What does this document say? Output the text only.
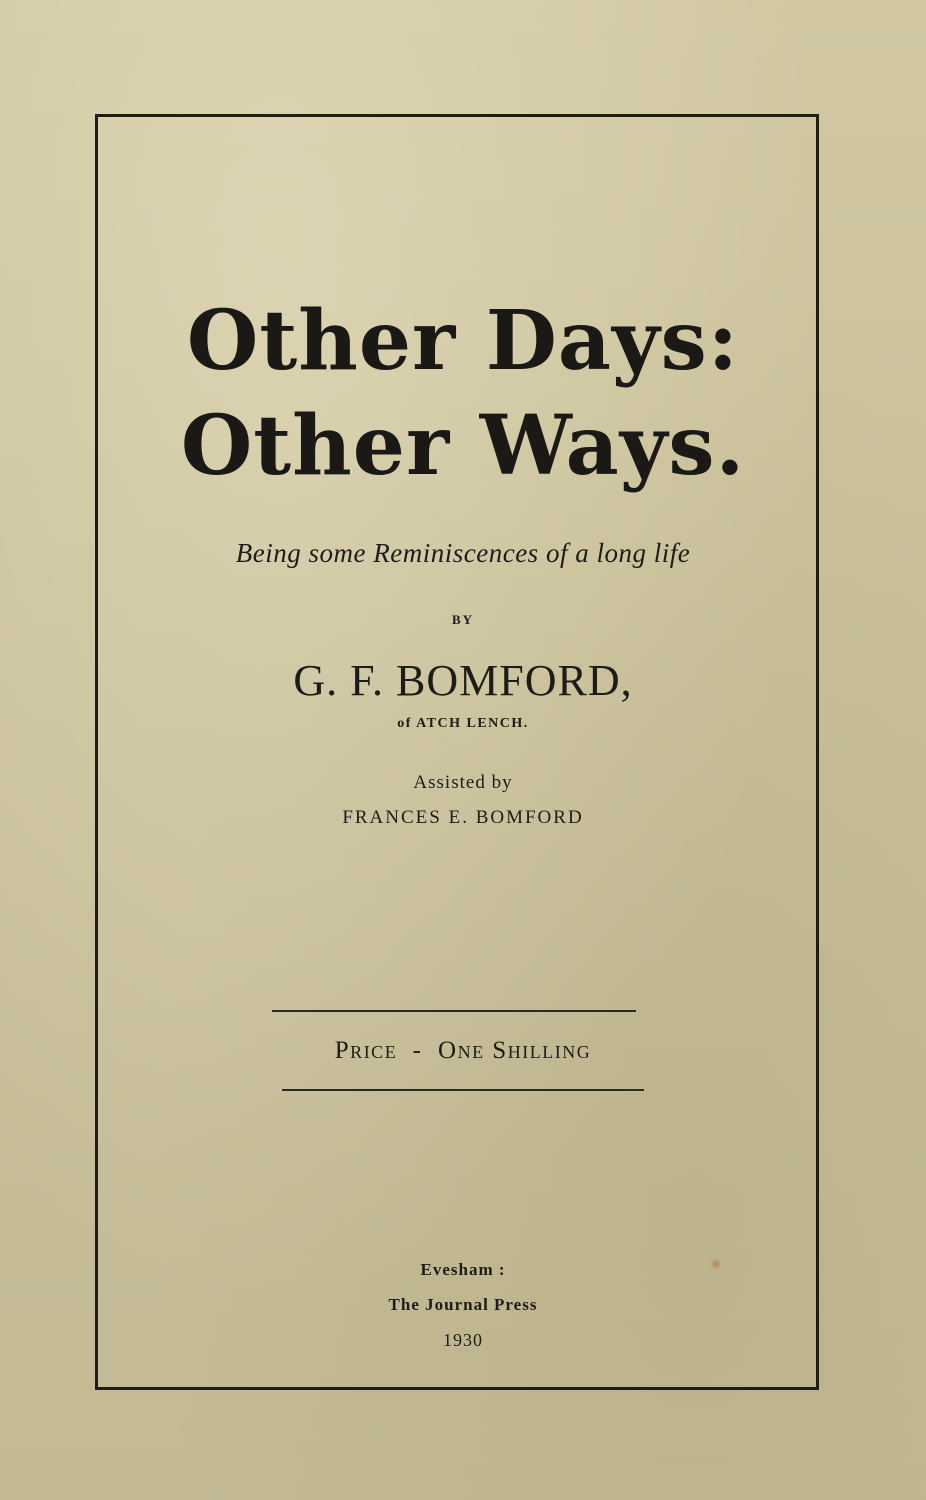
Other Days:
Other Ways.
Being some Reminiscences of a long life
BY
G. F. BOMFORD,
of ATCH LENCH.
Assisted by
FRANCES E. BOMFORD
Price  -  One Shilling
Evesham :
The Journal Press
1930
